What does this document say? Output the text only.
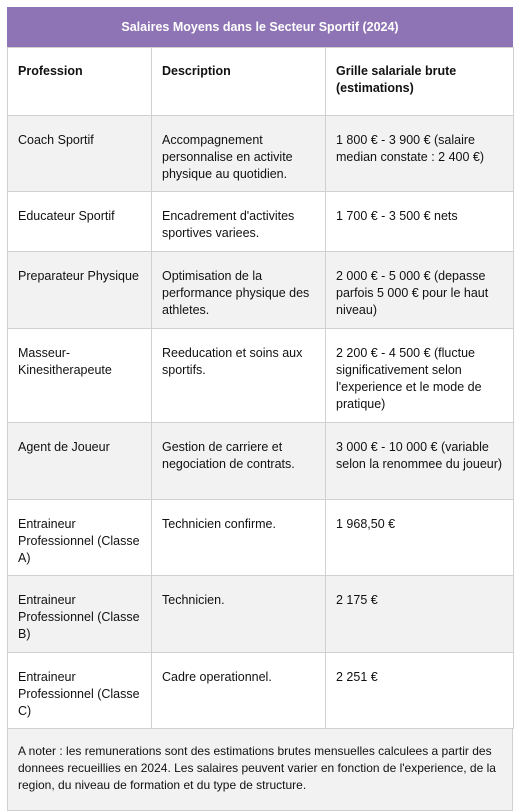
Salaires Moyens dans le Secteur Sportif (2024)
Profession	Description	Grille salariale brute (estimations)
Coach Sportif	Accompagnement personnalise en activite physique au quotidien.	1 800 € - 3 900 € (salaire median constate : 2 400 €)
Educateur Sportif	Encadrement d'activites sportives variees.	1 700 € - 3 500 € nets
Preparateur Physique	Optimisation de la performance physique des athletes.	2 000 € - 5 000 € (depasse parfois 5 000 € pour le haut niveau)
Masseur-Kinesitherapeute	Reeducation et soins aux sportifs.	2 200 € - 4 500 € (fluctue significativement selon l'experience et le mode de pratique)
Agent de Joueur	Gestion de carriere et negociation de contrats.	3 000 € - 10 000 € (variable selon la renommee du joueur)
Entraineur Professionnel (Classe A)	Technicien confirme.	1 968,50 €
Entraineur Professionnel (Classe B)	Technicien.	2 175 €
Entraineur Professionnel (Classe C)	Cadre operationnel.	2 251 €
A noter : les remunerations sont des estimations brutes mensuelles calculees a partir des donnees recueillies en 2024. Les salaires peuvent varier en fonction de l'experience, de la region, du niveau de formation et du type de structure.
